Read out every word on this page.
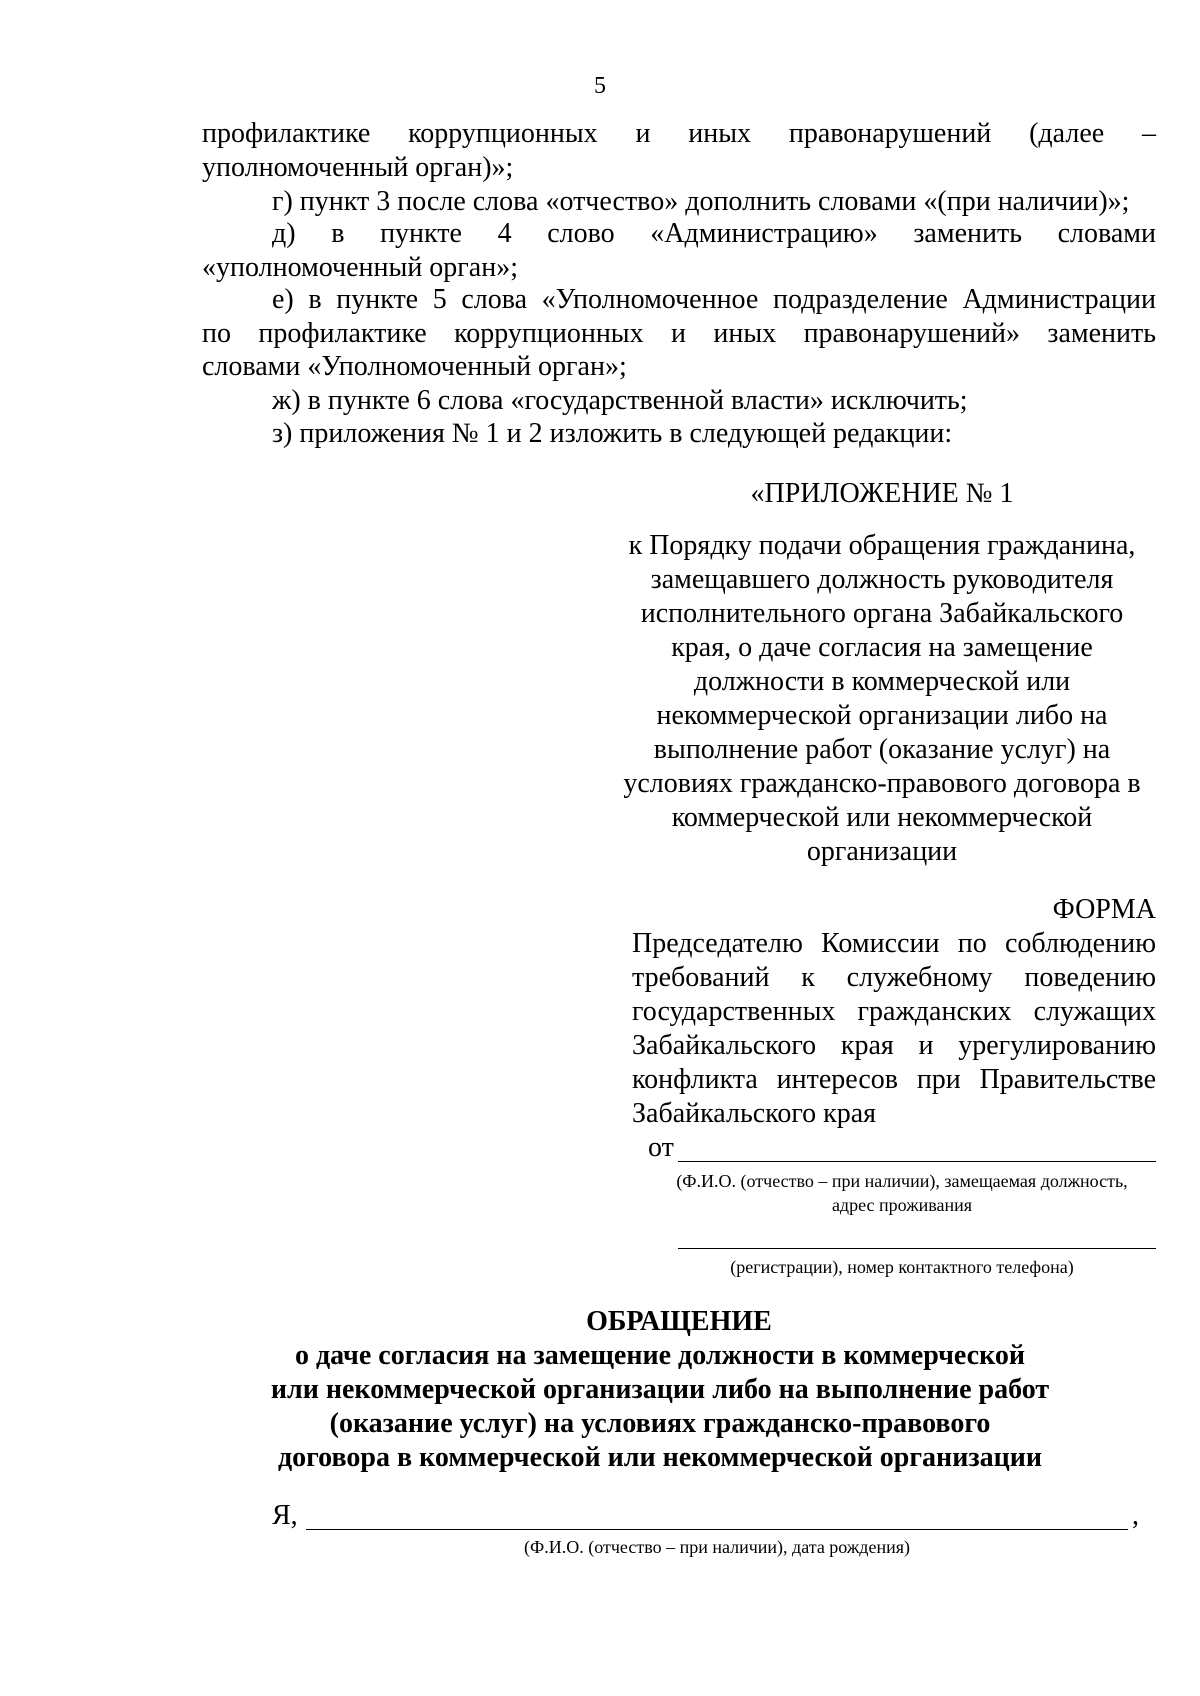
5
профилактике коррупционных и иных правонарушений (далее –
уполномоченный орган)»;
г) пункт 3 после слова «отчество» дополнить словами «(при наличии)»;
д) в пункте 4 слово «Администрацию» заменить словами
«уполномоченный орган»;
е) в пункте 5 слова «Уполномоченное подразделение Администрации
по профилактике коррупционных и иных правонарушений» заменить
словами «Уполномоченный орган»;
ж) в пункте 6 слова «государственной власти» исключить;
з) приложения № 1 и 2 изложить в следующей редакции:
«ПРИЛОЖЕНИЕ № 1
к Порядку подачи обращения гражданина,
замещавшего должность руководителя
исполнительного органа Забайкальского
края, о даче согласия на замещение
должности в коммерческой или
некоммерческой организации либо на
выполнение работ (оказание услуг) на
условиях гражданско-правового договора в
коммерческой или некоммерческой
организации
ФОРМА
Председателю Комиссии по соблюдению
требований к служебному поведению
государственных гражданских служащих
Забайкальского края и урегулированию
конфликта интересов при Правительстве
Забайкальского края
от
(Ф.И.О. (отчество – при наличии), замещаемая должность,
адрес проживания
(регистрации), номер контактного телефона)
ОБРАЩЕНИЕ
о даче согласия на замещение должности в коммерческой
или некоммерческой организации либо на выполнение работ
(оказание услуг) на условиях гражданско-правового
договора в коммерческой или некоммерческой организации
Я,	,
(Ф.И.О. (отчество – при наличии), дата рождения)
